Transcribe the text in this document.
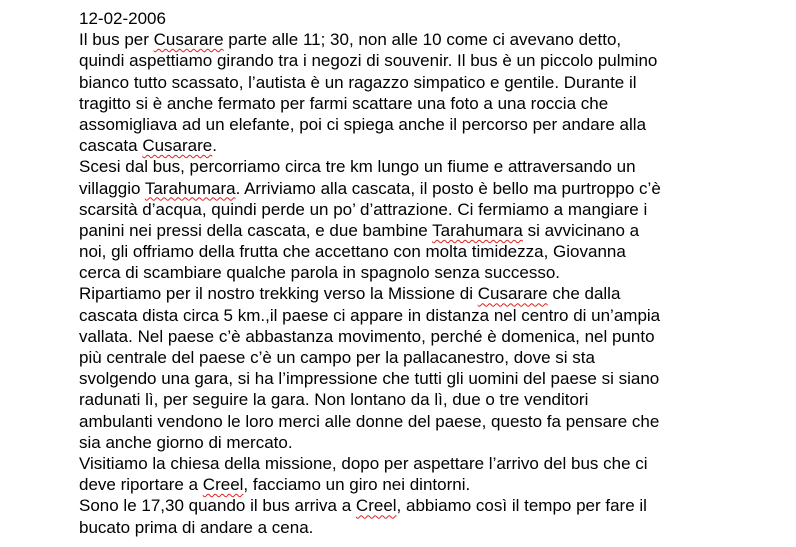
12-02-2006
Il bus per Cusarare parte alle 11; 30, non alle 10 come ci avevano detto,
quindi aspettiamo girando tra i negozi di souvenir. Il bus è un piccolo pulmino
bianco tutto scassato, l’autista è un ragazzo simpatico e gentile. Durante il
tragitto si è anche fermato per farmi scattare una foto a una roccia che
assomigliava ad un elefante, poi ci spiega anche il percorso per andare alla
cascata Cusarare.
Scesi dal bus, percorriamo circa tre km lungo un fiume e attraversando un
villaggio Tarahumara. Arriviamo alla cascata, il posto è bello ma purtroppo c’è
scarsità d’acqua, quindi perde un po’ d’attrazione. Ci fermiamo a mangiare i
panini nei pressi della cascata, e due bambine Tarahumara si avvicinano a
noi, gli offriamo della frutta che accettano con molta timidezza, Giovanna
cerca di scambiare qualche parola in spagnolo senza successo.
Ripartiamo per il nostro trekking verso la Missione di Cusarare che dalla
cascata dista circa 5 km.,il paese ci appare in distanza nel centro di un’ampia
vallata. Nel paese c’è abbastanza movimento, perché è domenica, nel punto
più centrale del paese c’è un campo per la pallacanestro, dove si sta
svolgendo una gara, si ha l’impressione che tutti gli uomini del paese si siano
radunati lì, per seguire la gara. Non lontano da lì, due o tre venditori
ambulanti vendono le loro merci alle donne del paese, questo fa pensare che
sia anche giorno di mercato.
Visitiamo la chiesa della missione, dopo per aspettare l’arrivo del bus che ci
deve riportare a Creel, facciamo un giro nei dintorni.
Sono le 17,30 quando il bus arriva a Creel, abbiamo così il tempo per fare il
bucato prima di andare a cena.
